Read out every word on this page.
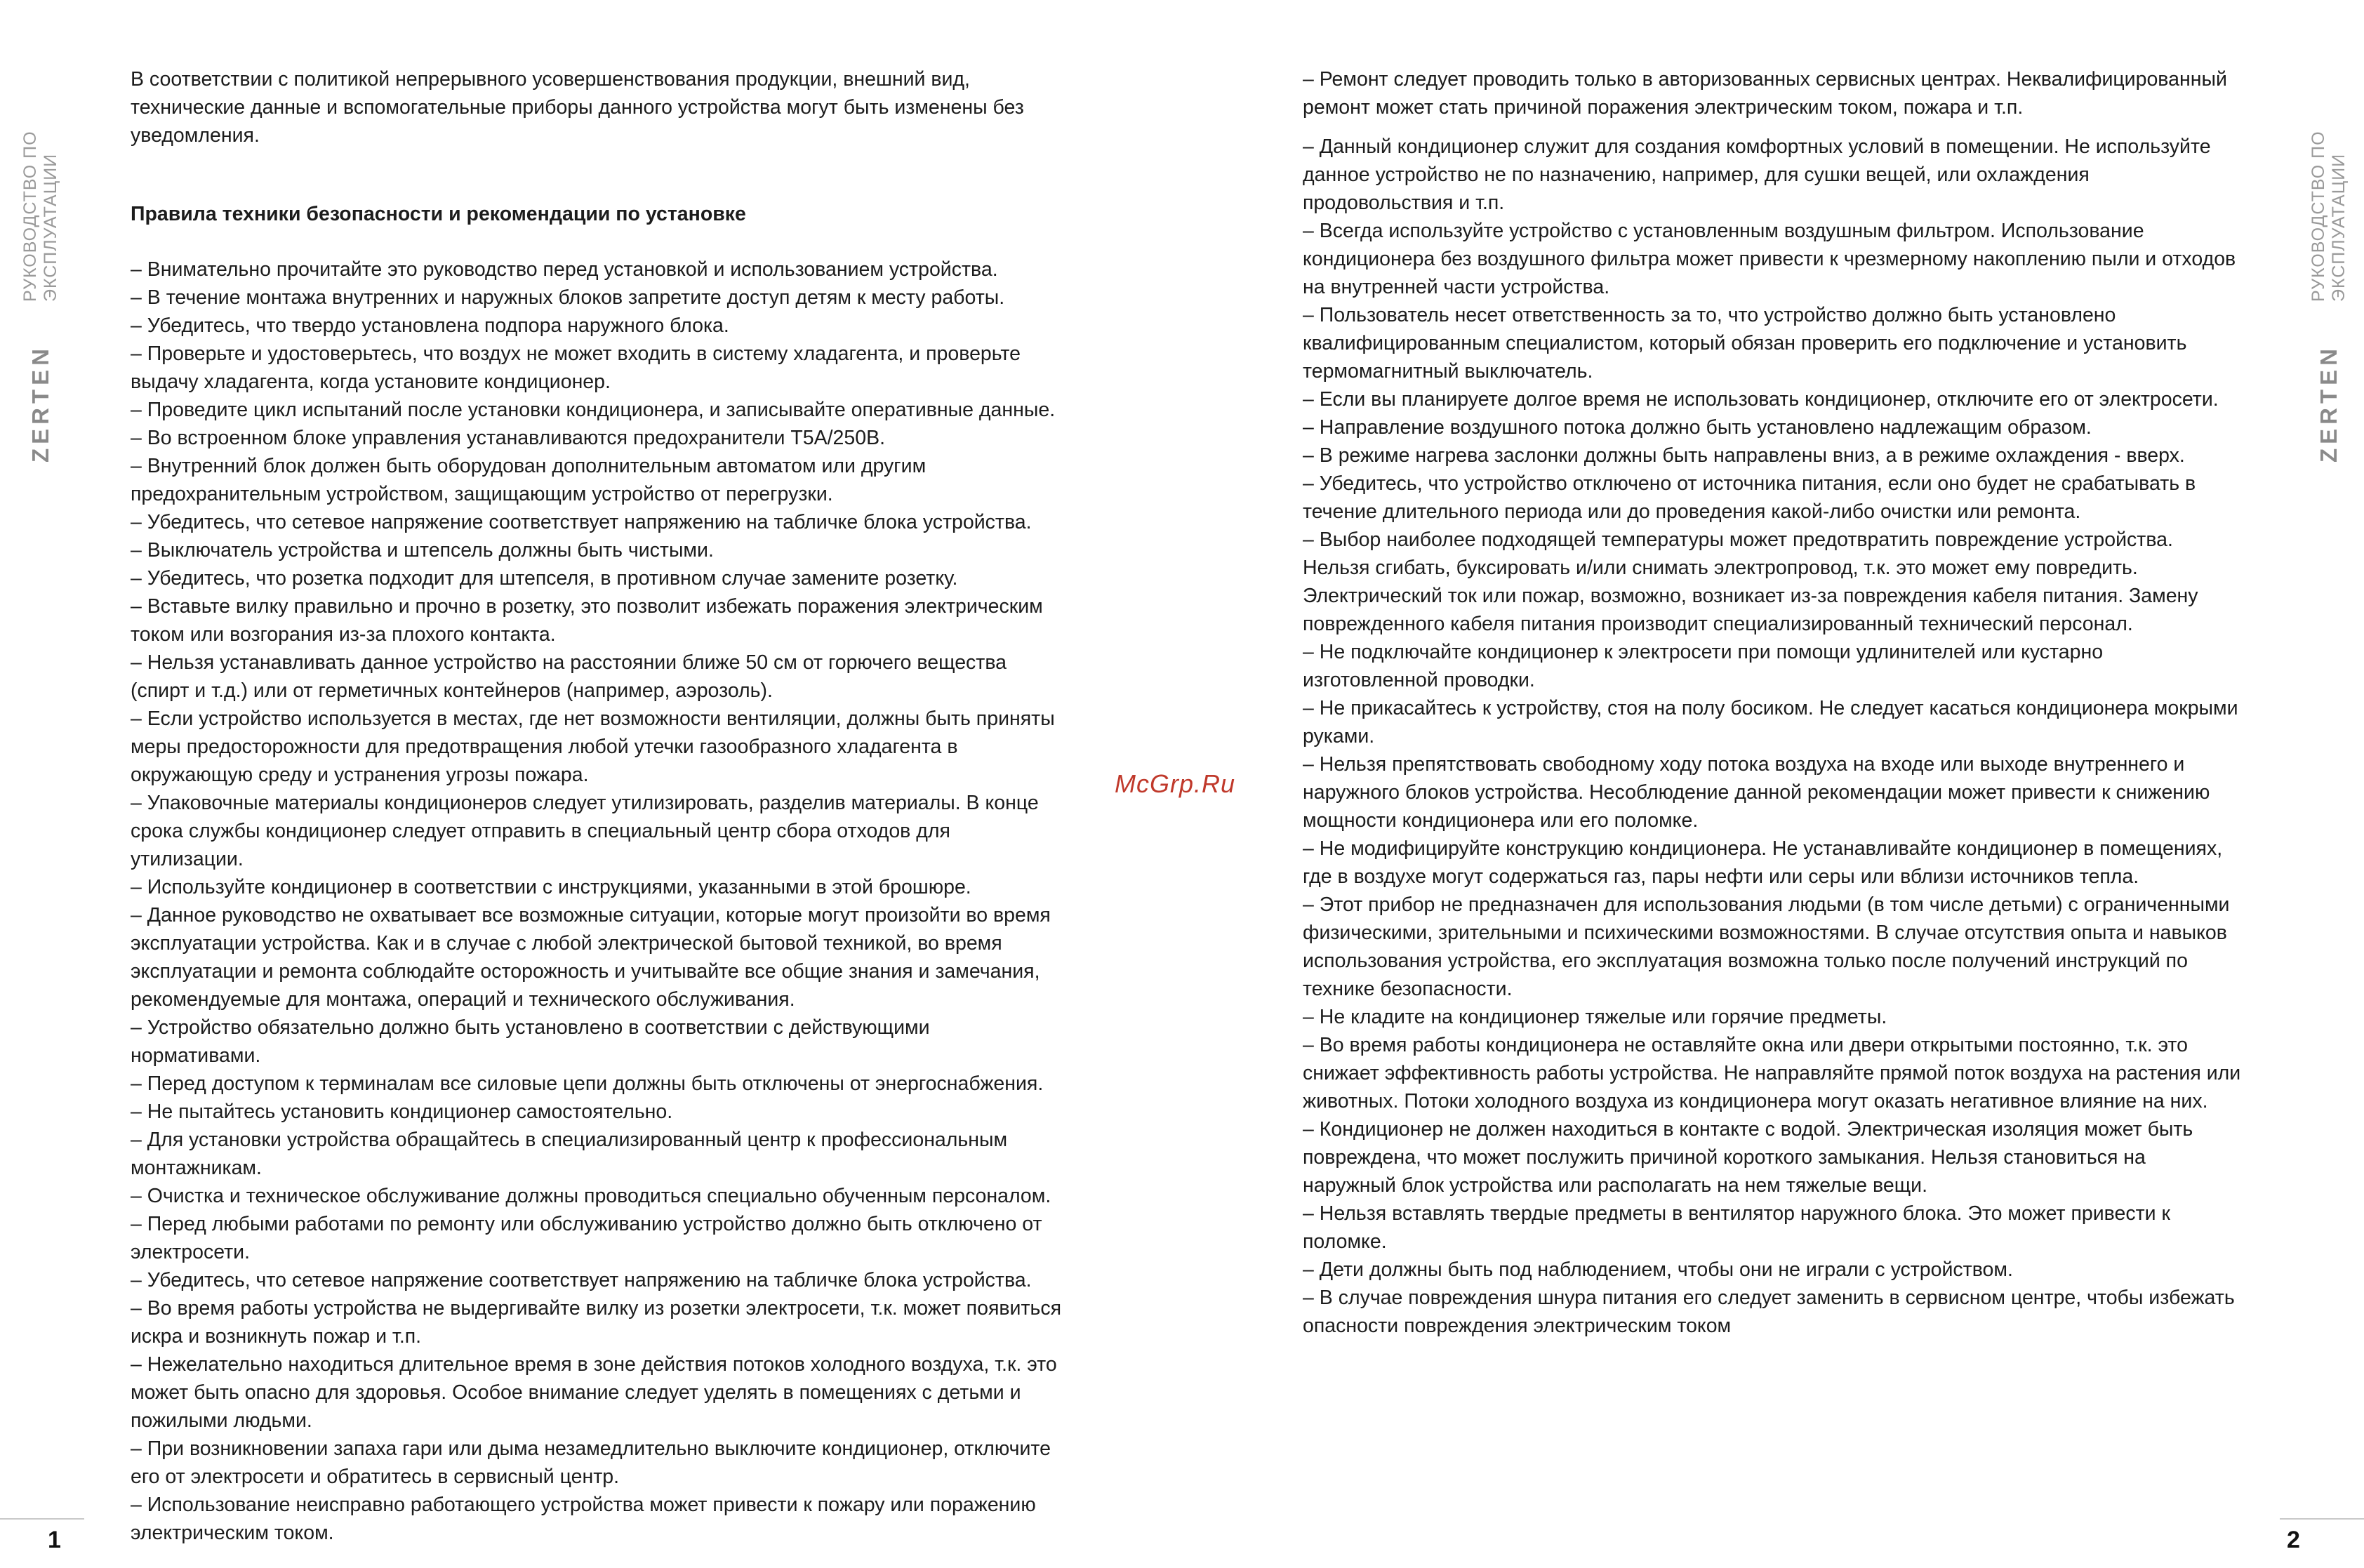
РУКОВОДСТВО ПО ЭКСПЛУАТАЦИИ
ZERTEN
РУКОВОДСТВО ПО ЭКСПЛУАТАЦИИ
ZERTEN

В соответствии с политикой непрерывного усовершенствования продукции, внешний вид, технические данные и вспомогательные приборы данного устройства могут быть изменены без уведомления.

Правила техники безопасности и рекомендации по установке

– Внимательно прочитайте это руководство перед установкой и использованием устройства.

– В течение монтажа внутренних и наружных блоков запретите доступ детям к месту работы.

– Убедитесь, что твердо установлена подпора наружного блока.

– Проверьте и удостоверьтесь, что воздух не может входить в систему хладагента, и проверьте выдачу хладагента, когда установите кондиционер.

– Проведите цикл испытаний после установки кондиционера, и записывайте оперативные данные.

– Во встроенном блоке управления устанавливаются предохранители T5A/250В.

– Внутренний блок должен быть оборудован дополнительным автоматом или другим предохранительным устройством, защищающим устройство от перегрузки.

– Убедитесь, что сетевое напряжение соответствует напряжению на табличке блока устройства.

– Выключатель устройства и штепсель должны быть чистыми.

– Убедитесь, что розетка подходит для штепселя, в противном случае замените розетку.

– Вставьте вилку правильно и прочно в розетку, это позволит избежать поражения электрическим током или возгорания из-за плохого контакта.

– Нельзя устанавливать данное устройство на расстоянии ближе 50 см от горючего вещества (спирт и т.д.) или от герметичных контейнеров (например, аэрозоль).

– Если устройство используется в местах, где нет возможности вентиляции, должны быть приняты меры предосторожности для предотвращения любой утечки газообразного хладагента в окружающую среду и устранения угрозы пожара.

– Упаковочные материалы кондиционеров следует утилизировать, разделив материалы. В конце срока службы кондиционер следует отправить в специальный центр сбора отходов для утилизации.

– Используйте кондиционер в соответствии с инструкциями, указанными в этой брошюре.

– Данное руководство не охватывает все возможные ситуации, которые могут произойти во время эксплуатации устройства. Как и в случае с любой электрической бытовой техникой, во время эксплуатации и ремонта соблюдайте осторожность и учитывайте все общие знания и замечания, рекомендуемые для монтажа, операций и технического обслуживания.

– Устройство обязательно должно быть установлено в соответствии с действующими нормативами.

– Перед доступом к терминалам все силовые цепи должны быть отключены от энергоснабжения.

– Не пытайтесь установить кондиционер самостоятельно.

– Для установки устройства обращайтесь в специализированный центр к профессиональным монтажникам.

– Очистка и техническое обслуживание должны проводиться специально обученным персоналом.

– Перед любыми работами по ремонту или обслуживанию устройство должно быть отключено от электросети.

– Убедитесь, что сетевое напряжение соответствует напряжению на табличке блока устройства.

– Во время работы устройства не выдергивайте вилку из розетки электросети, т.к. может появиться искра и возникнуть пожар и т.п.

– Нежелательно находиться длительное время в зоне действия потоков холодного воздуха, т.к. это может быть опасно для здоровья. Особое внимание следует уделять в помещениях с детьми и пожилыми людьми.

– При возникновении запаха гари или дыма незамедлительно выключите кондиционер, отключите его от электросети и обратитесь в сервисный центр.

– Использование неисправно работающего устройства может привести к пожару или поражению электрическим током.

McGrp.Ru

– Ремонт следует проводить только в авторизованных сервисных центрах. Неквалифицированный ремонт может стать причиной поражения электрическим током, пожара и т.п.

– Данный кондиционер служит для создания комфортных условий в помещении. Не используйте данное устройство не по назначению, например, для сушки вещей, или охлаждения продовольствия и т.п.

– Всегда используйте устройство с установленным воздушным фильтром. Использование кондиционера без воздушного фильтра может привести к чрезмерному накоплению пыли и отходов на внутренней части устройства.

– Пользователь несет ответственность за то, что устройство должно быть установлено квалифицированным специалистом, который обязан проверить его подключение и установить термомагнитный выключатель.

– Если вы планируете долгое время не использовать кондиционер, отключите его от электросети.

– Направление воздушного потока должно быть установлено надлежащим образом.

– В режиме нагрева заслонки должны быть направлены вниз, а в режиме охлаждения - вверх.

– Убедитесь, что устройство отключено от источника питания, если оно будет не срабатывать в течение длительного периода или до проведения какой-либо очистки или ремонта.

– Выбор наиболее подходящей температуры может предотвратить повреждение устройства. Нельзя сгибать, буксировать и/или снимать электропровод, т.к. это может ему повредить. Электрический ток или пожар, возможно, возникает из-за повреждения кабеля питания. Замену поврежденного кабеля питания производит специализированный технический персонал.

– Не подключайте кондиционер к электросети при помощи удлинителей или кустарно изготовленной проводки.

– Не прикасайтесь к устройству, стоя на полу босиком. Не следует касаться кондиционера мокрыми руками.

– Нельзя препятствовать свободному ходу потока воздуха на входе или выходе внутреннего и наружного блоков устройства. Несоблюдение данной рекомендации может привести к снижению мощности кондиционера или его поломке.

– Не модифицируйте конструкцию кондиционера. Не устанавливайте кондиционер в помещениях, где в воздухе могут содержаться газ, пары нефти или серы или вблизи источников тепла.

– Этот прибор не предназначен для использования людьми (в том числе детьми) с ограниченными физическими, зрительными и психическими возможностями. В случае отсутствия опыта и навыков использования устройства, его эксплуатация возможна только после получений инструкций по технике безопасности.

– Не кладите на кондиционер тяжелые или горячие предметы.

– Во время работы кондиционера не оставляйте окна или двери открытыми постоянно, т.к. это снижает эффективность работы устройства. Не направляйте прямой поток воздуха на растения или животных. Потоки холодного воздуха из кондиционера могут оказать негативное влияние на них.

– Кондиционер не должен находиться в контакте с водой. Электрическая изоляция может быть повреждена, что может послужить причиной короткого замыкания. Нельзя становиться на наружный блок устройства или располагать на нем тяжелые вещи.

– Нельзя вставлять твердые предметы в вентилятор наружного блока. Это может привести к поломке.

– Дети должны быть под наблюдением, чтобы они не играли с устройством.

– В случае повреждения шнура питания его следует заменить в сервисном центре, чтобы избежать опасности повреждения электрическим током

1	2
